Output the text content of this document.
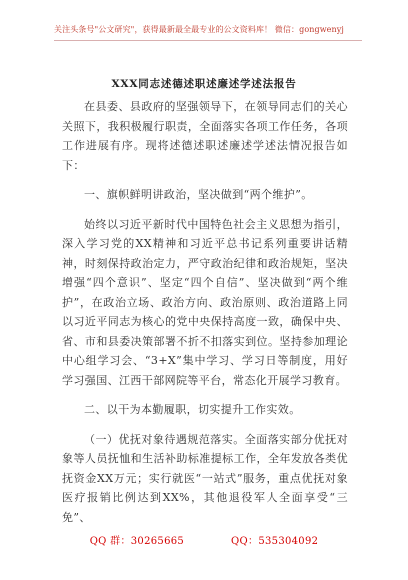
关注头条号"公文研究"，获得最新最全最专业的公文资料库！ 微信：gongwenyj
XXX同志述德述职述廉述学述法报告

在县委、县政府的坚强领导下，在领导同志们的关心关照下，我积极履行职责，全面落实各项工作任务，各项工作进展有序。现将述德述职述廉述学述法情况报告如下：

一、旗帜鲜明讲政治，坚决做到“两个维护”。

始终以习近平新时代中国特色社会主义思想为指引，深入学习党的XX精神和习近平总书记系列重要讲话精神，时刻保持政治定力，严守政治纪律和政治规矩，坚决增强“四个意识”、坚定“四个自信”、坚决做到“两个维护”，在政治立场、政治方向、政治原则、政治道路上同以习近平同志为核心的党中央保持高度一致，确保中央、省、市和县委决策部署不折不扣落实到位。坚持参加理论中心组学习会、“3+X”集中学习、学习日等制度，用好学习强国、江西干部网院等平台，常态化开展学习教育。

二、以干为本勤履职，切实提升工作实效。

（一）优抚对象待遇规范落实。全面落实部分优抚对象等人员抚恤和生活补助标准提标工作，全年发放各类优抚资金XX万元；实行就医“一站式”服务，重点优抚对象医疗报销比例达到XX%，其他退役军人全面享受“三免”、

QQ 群：30265665	QQ：535304092
